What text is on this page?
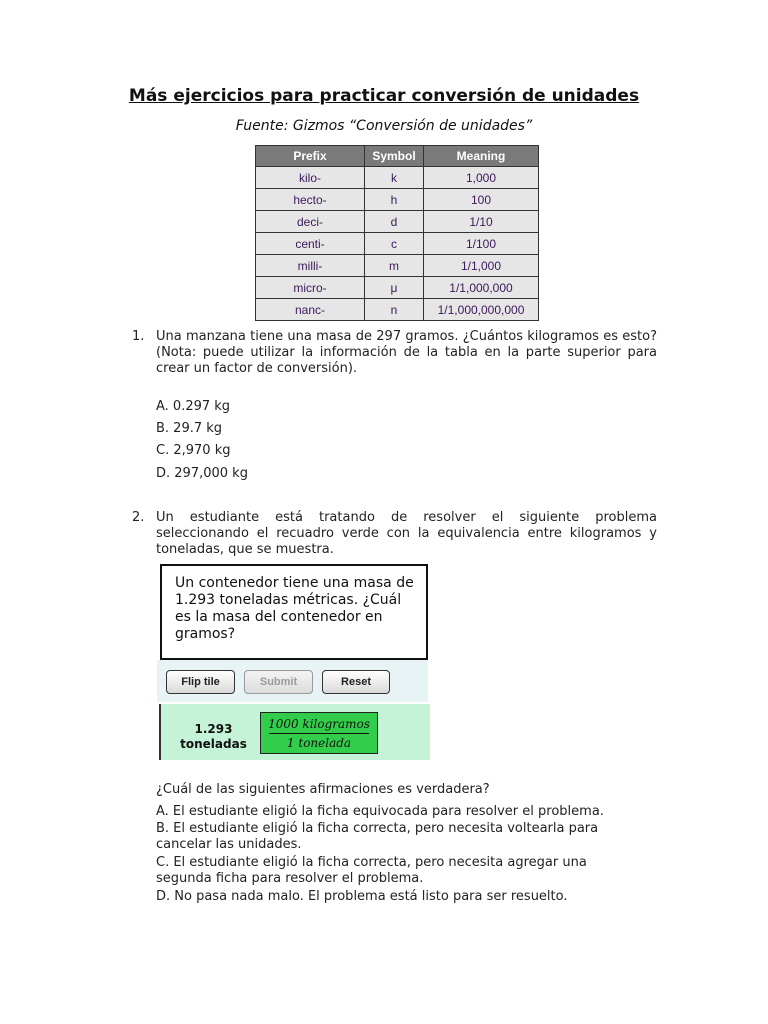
Más ejercicios para practicar conversión de unidades
Fuente: Gizmos “Conversión de unidades”
Prefix	Symbol	Meaning
kilo-	k	1,000
hecto-	h	100
deci-	d	1/10
centi-	c	1/100
milli-	m	1/1,000
micro-	μ	1/1,000,000
nanc-	n	1/1,000,000,000
1. Una manzana tiene una masa de 297 gramos. ¿Cuántos kilogramos es esto? (Nota: puede utilizar la información de la tabla en la parte superior para crear un factor de conversión).
A. 0.297 kg
B. 29.7 kg
C. 2,970 kg
D. 297,000 kg
2. Un estudiante está tratando de resolver el siguiente problema seleccionando el recuadro verde con la equivalencia entre kilogramos y toneladas, que se muestra.
Un contenedor tiene una masa de 1.293 toneladas métricas. ¿Cuál es la masa del contenedor en gramos?
Flip tile	Submit	Reset
1.293
toneladas
1000 kilogramos
1 tonelada
¿Cuál de las siguientes afirmaciones es verdadera?
A. El estudiante eligió la ficha equivocada para resolver el problema.
B. El estudiante eligió la ficha correcta, pero necesita voltearla para
cancelar las unidades.
C. El estudiante eligió la ficha correcta, pero necesita agregar una
segunda ficha para resolver el problema.
D. No pasa nada malo. El problema está listo para ser resuelto.
